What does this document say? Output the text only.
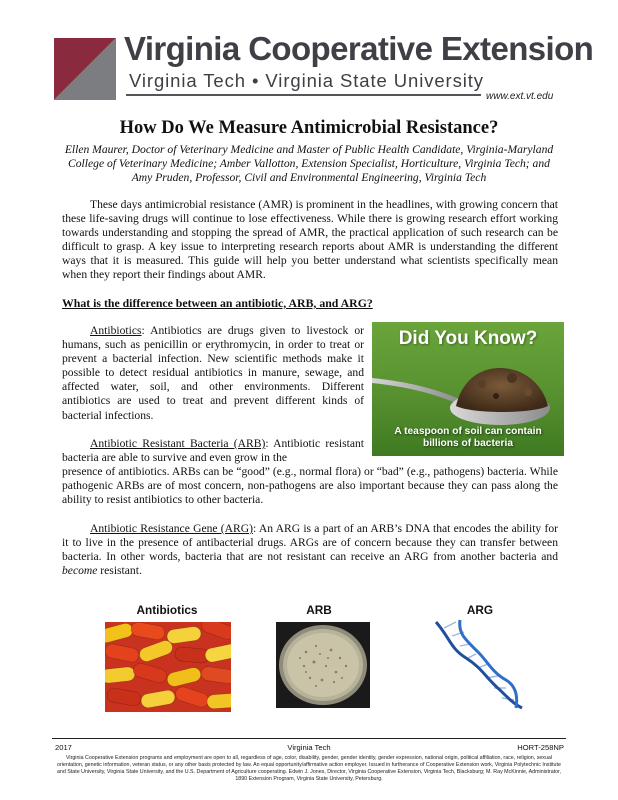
Virginia Cooperative Extension
Virginia Tech • Virginia State University
www.ext.vt.edu
How Do We Measure Antimicrobial Resistance?
Ellen Maurer, Doctor of Veterinary Medicine and Master of Public Health Candidate, Virginia-Maryland College of Veterinary Medicine; Amber Vallotton, Extension Specialist, Horticulture, Virginia Tech; and Amy Pruden, Professor, Civil and Environmental Engineering, Virginia Tech
These days antimicrobial resistance (AMR) is prominent in the headlines, with growing concern that these life-saving drugs will continue to lose effectiveness. While there is growing research effort working towards understanding and stopping the spread of AMR, the practical application of such research can be difficult to grasp. A key issue to interpreting research reports about AMR is understanding the different ways that it is measured. This guide will help you better understand what scientists specifically mean when they report their findings about AMR.
What is the difference between an antibiotic, ARB, and ARG?
Antibiotics: Antibiotics are drugs given to livestock or humans, such as penicillin or erythromycin, in order to treat or prevent a bacterial infection. New scientific methods make it possible to detect residual antibiotics in manure, sewage, and affected water, soil, and other environments. Different antibiotics are used to treat and prevent different kinds of bacterial infections.
Did You Know?
A teaspoon of soil can contain
billions of bacteria
Antibiotic Resistant Bacteria (ARB): Antibiotic resistant bacteria are able to survive and even grow in the
presence of antibiotics. ARBs can be “good” (e.g., normal flora) or “bad” (e.g., pathogens) bacteria. While pathogenic ARBs are of most concern, non-pathogens are also important because they can pass along the ability to resist antibiotics to other bacteria.
Antibiotic Resistance Gene (ARG): An ARG is a part of an ARB’s DNA that encodes the ability for it to live in the presence of antibacterial drugs. ARGs are of concern because they can transfer between bacteria. In other words, bacteria that are not resistant can receive an ARG from another bacteria and become resistant.
Antibiotics	ARB	ARG
2017	Virginia Tech	HORT-258NP
Virginia Cooperative Extension programs and employment are open to all, regardless of age, color, disability, gender, gender identity, gender expression, national origin, political affiliation, race, religion, sexual orientation, genetic information, veteran status, or any other basis protected by law. An equal opportunity/affirmative action employer. Issued in furtherance of Cooperative Extension work, Virginia Polytechnic Institute and State University, Virginia State University, and the U.S. Department of Agriculture cooperating. Edwin J. Jones, Director, Virginia Cooperative Extension, Virginia Tech, Blacksburg; M. Ray McKinnie, Administrator, 1890 Extension Program, Virginia State University, Petersburg.
